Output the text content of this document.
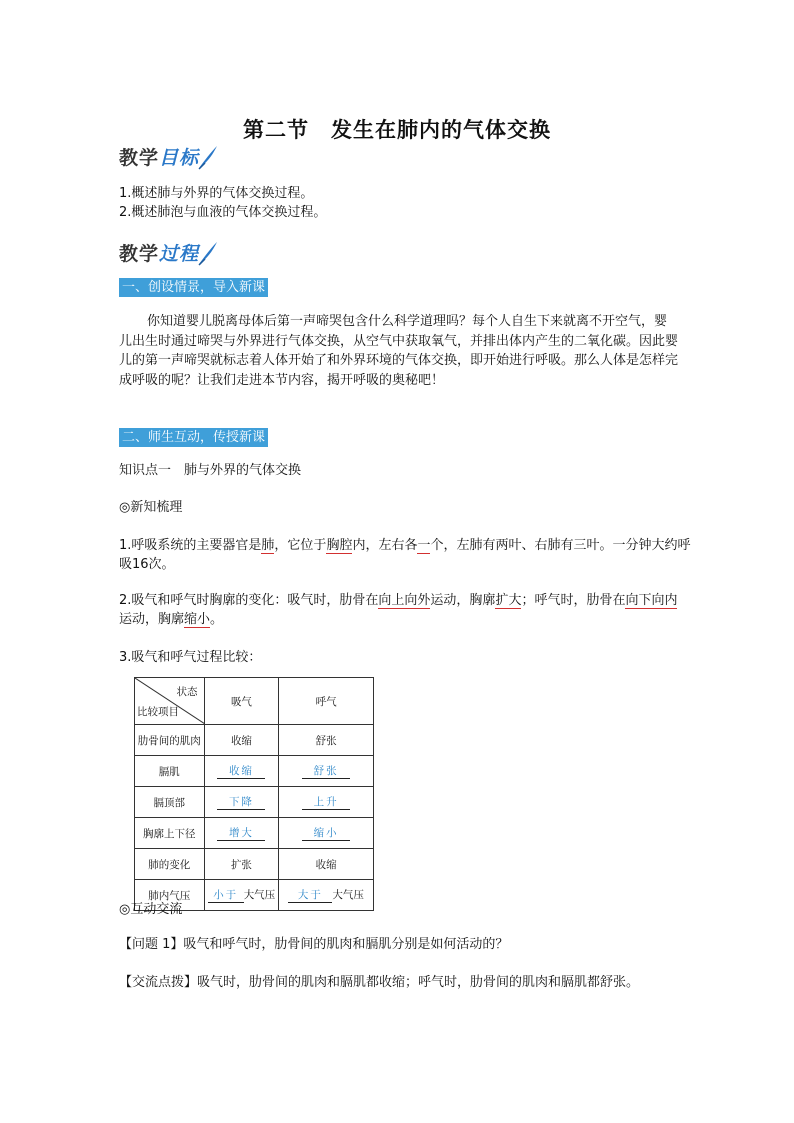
第二节　发生在肺内的气体交换
教学 目标
1.概述肺与外界的气体交换过程。
2.概述肺泡与血液的气体交换过程。
教学 过程
一、创设情景，导入新课
你知道婴儿脱离母体后第一声啼哭包含什么科学道理吗？每个人自生下来就离不开空气，婴儿出生时通过啼哭与外界进行气体交换，从空气中获取氧气，并排出体内产生的二氧化碳。因此婴儿的第一声啼哭就标志着人体开始了和外界环境的气体交换，即开始进行呼吸。那么人体是怎样完成呼吸的呢？让我们走进本节内容，揭开呼吸的奥秘吧！
二、师生互动，传授新课
知识点一　肺与外界的气体交换
◎新知梳理
1.呼吸系统的主要器官是肺，它位于胸腔内，左右各一个，左肺有两叶、右肺有三叶。一分钟大约呼吸16次。
2.吸气和呼气时胸廓的变化：吸气时，肋骨在向上向外运动，胸廓扩大；呼气时，肋骨在向下向内运动，胸廓缩小。
3.吸气和呼气过程比较：
状态
比较项目	吸气	呼气
肋骨间的肌肉	收缩	舒张
膈肌	收缩	舒张
膈顶部	下降	上升
胸廓上下径	增大	缩小
肺的变化	扩张	收缩
肺内气压	小于 大气压	大于 大气压
◎互动交流
【问题 1】吸气和呼气时，肋骨间的肌肉和膈肌分别是如何活动的？
【交流点拨】吸气时，肋骨间的肌肉和膈肌都收缩；呼气时，肋骨间的肌肉和膈肌都舒张。
